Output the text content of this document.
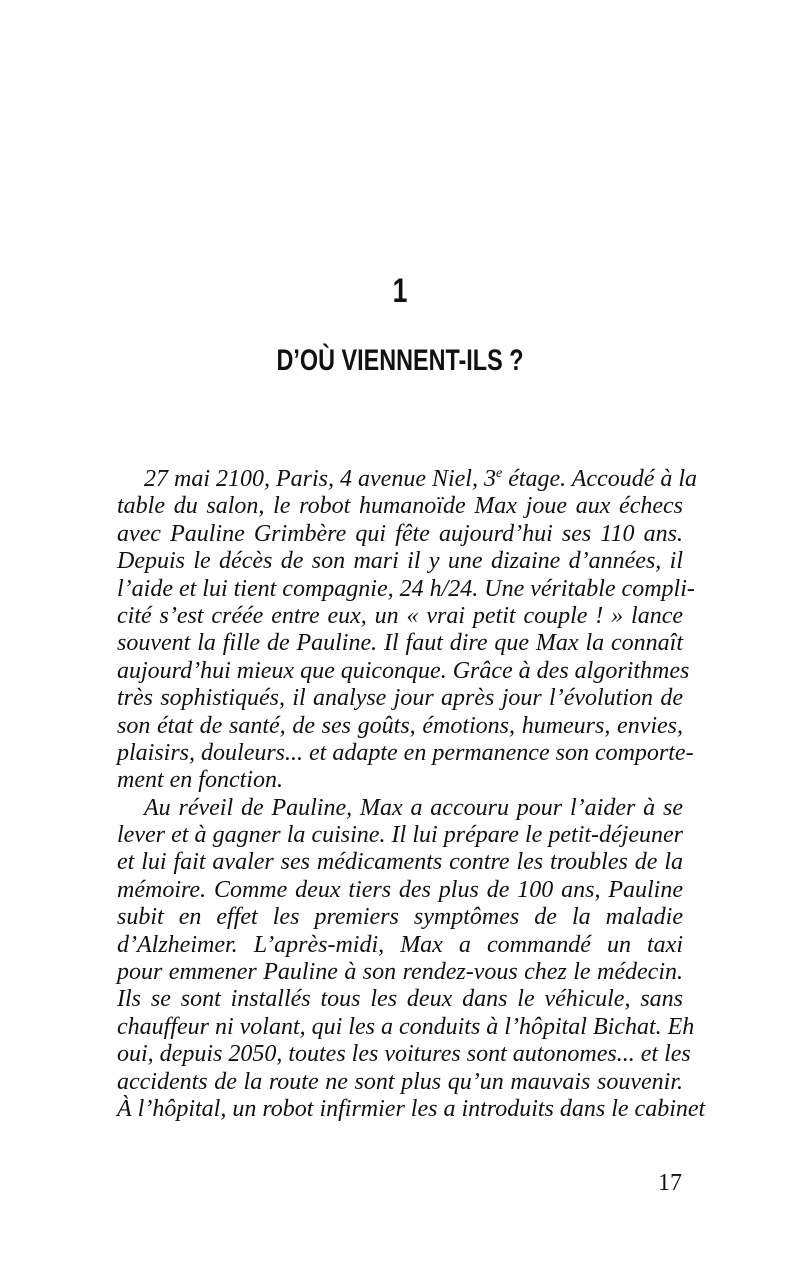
1
D’OÙ VIENNENT-ILS ?
27 mai 2100, Paris, 4 avenue Niel, 3e étage. Accoudé à la
table du salon, le robot humanoïde Max joue aux échecs
avec Pauline Grimbère qui fête aujourd’hui ses 110 ans.
Depuis le décès de son mari il y une dizaine d’années, il
l’aide et lui tient compagnie, 24 h/24. Une véritable compli-
cité s’est créée entre eux, un « vrai petit couple ! » lance
souvent la fille de Pauline. Il faut dire que Max la connaît
aujourd’hui mieux que quiconque. Grâce à des algorithmes
très sophistiqués, il analyse jour après jour l’évolution de
son état de santé, de ses goûts, émotions, humeurs, envies,
plaisirs, douleurs... et adapte en permanence son comporte-
ment en fonction.
Au réveil de Pauline, Max a accouru pour l’aider à se
lever et à gagner la cuisine. Il lui prépare le petit-déjeuner
et lui fait avaler ses médicaments contre les troubles de la
mémoire. Comme deux tiers des plus de 100 ans, Pauline
subit en effet les premiers symptômes de la maladie
d’Alzheimer. L’après-midi, Max a commandé un taxi
pour emmener Pauline à son rendez-vous chez le médecin.
Ils se sont installés tous les deux dans le véhicule, sans
chauffeur ni volant, qui les a conduits à l’hôpital Bichat. Eh
oui, depuis 2050, toutes les voitures sont autonomes... et les
accidents de la route ne sont plus qu’un mauvais souvenir.
À l’hôpital, un robot infirmier les a introduits dans le cabinet
17
